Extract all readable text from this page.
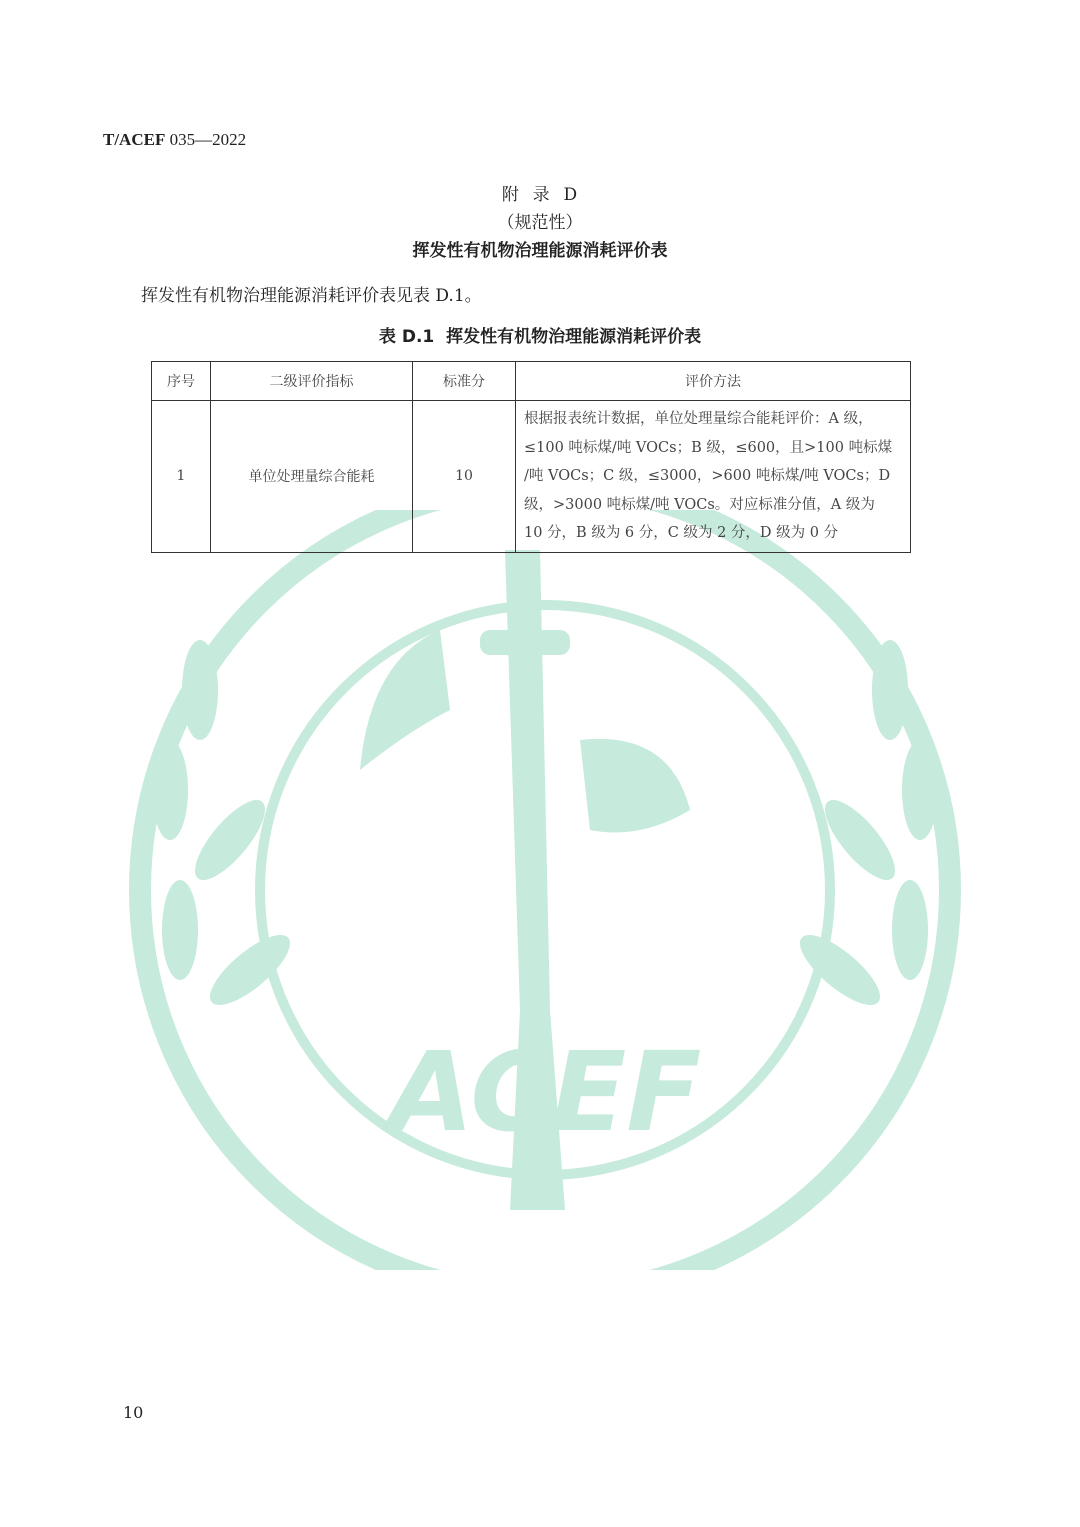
ACEF
T/ACEF 035—2022
附  录  D
（规范性）
挥发性有机物治理能源消耗评价表
挥发性有机物治理能源消耗评价表见表 D.1。
表 D.1  挥发性有机物治理能源消耗评价表
序号	二级评价指标	标准分	评价方法
1	单位处理量综合能耗	10	根据报表统计数据，单位处理量综合能耗评价：A 级，
≤100 吨标煤/吨 VOCs；B 级，≤600，且>100 吨标煤
/吨 VOCs；C 级，≤3000，>600 吨标煤/吨 VOCs；D
级，>3000 吨标煤/吨 VOCs。对应标准分值，A 级为
10 分，B 级为 6 分，C 级为 2 分，D 级为 0 分
10
